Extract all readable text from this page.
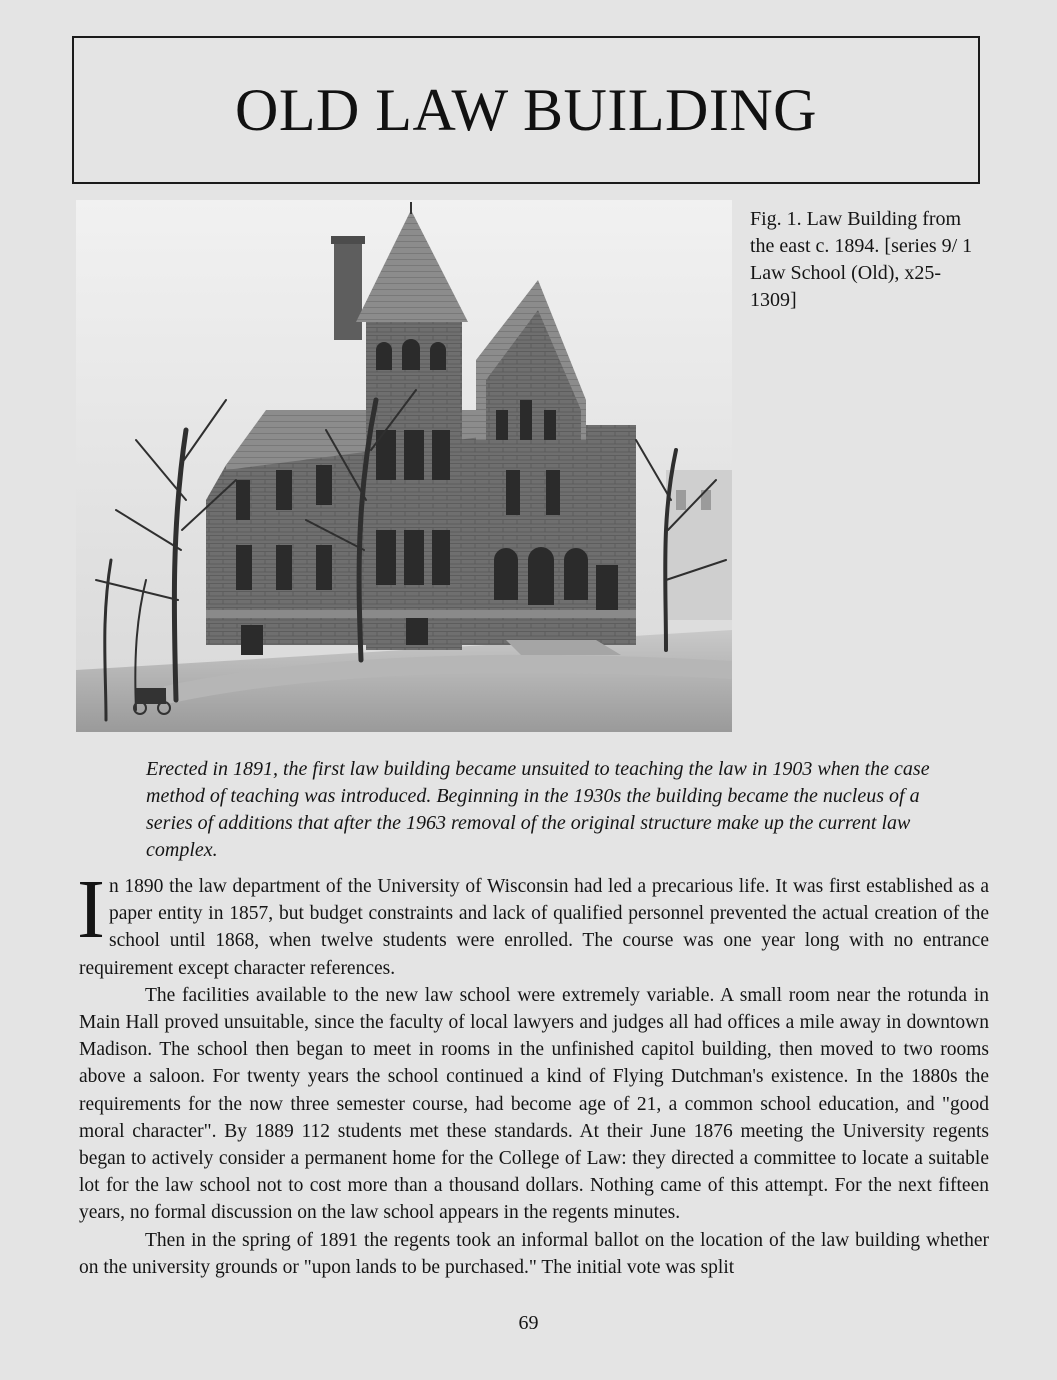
OLD LAW BUILDING

Fig. 1. Law Building from the east c. 1894. [series 9/ 1 Law School (Old), x25- 1309]

Erected in 1891, the first law building became unsuited to teaching the law in 1903 when the case method of teaching was introduced. Beginning in the 1930s the building became the nucleus of a series of additions that after the 1963 removal of the original structure make up the current law complex.

In 1890 the law department of the University of Wisconsin had led a precarious life. It was first established as a paper entity in 1857, but budget constraints and lack of qualified personnel prevented the actual creation of the school until 1868, when twelve students were enrolled. The course was one year long with no entrance requirement except character references.

The facilities available to the new law school were extremely variable. A small room near the rotunda in Main Hall proved unsuitable, since the faculty of local lawyers and judges all had offices a mile away in downtown Madison. The school then began to meet in rooms in the unfinished capitol building, then moved to two rooms above a saloon. For twenty years the school continued a kind of Flying Dutchman's existence. In the 1880s the requirements for the now three semester course, had become age of 21, a common school education, and "good moral character". By 1889 112 students met these standards. At their June 1876 meeting the University regents began to actively consider a permanent home for the College of Law: they directed a committee to locate a suitable lot for the law school not to cost more than a thousand dollars. Nothing came of this attempt. For the next fifteen years, no formal discussion on the law school appears in the regents minutes.

Then in the spring of 1891 the regents took an informal ballot on the location of the law building whether on the university grounds or "upon lands to be purchased." The initial vote was split

69
